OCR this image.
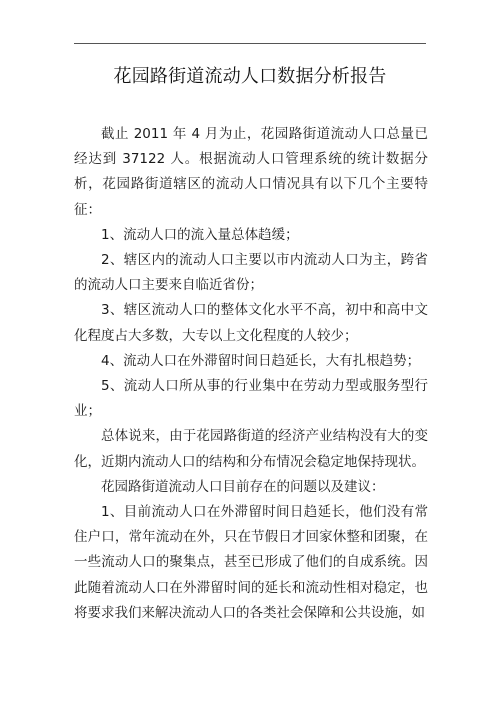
花园路街道流动人口数据分析报告

截止 2011 年 4 月为止，花园路街道流动人口总量已经达到 37122 人。根据流动人口管理系统的统计数据分析，花园路街道辖区的流动人口情况具有以下几个主要特征：

1、流动人口的流入量总体趋缓；

2、辖区内的流动人口主要以市内流动人口为主，跨省的流动人口主要来自临近省份；

3、辖区流动人口的整体文化水平不高，初中和高中文化程度占大多数，大专以上文化程度的人较少；

4、流动人口在外滞留时间日趋延长，大有扎根趋势；

5、流动人口所从事的行业集中在劳动力型或服务型行业；

总体说来，由于花园路街道的经济产业结构没有大的变化，近期内流动人口的结构和分布情况会稳定地保持现状。

花园路街道流动人口目前存在的问题以及建议：

1、目前流动人口在外滞留时间日趋延长，他们没有常住户口，常年流动在外，只在节假日才回家休整和团聚，在一些流动人口的聚集点，甚至已形成了他们的自成系统。因此随着流动人口在外滞留时间的延长和流动性相对稳定，也将要求我们来解决流动人口的各类社会保障和公共设施，如
